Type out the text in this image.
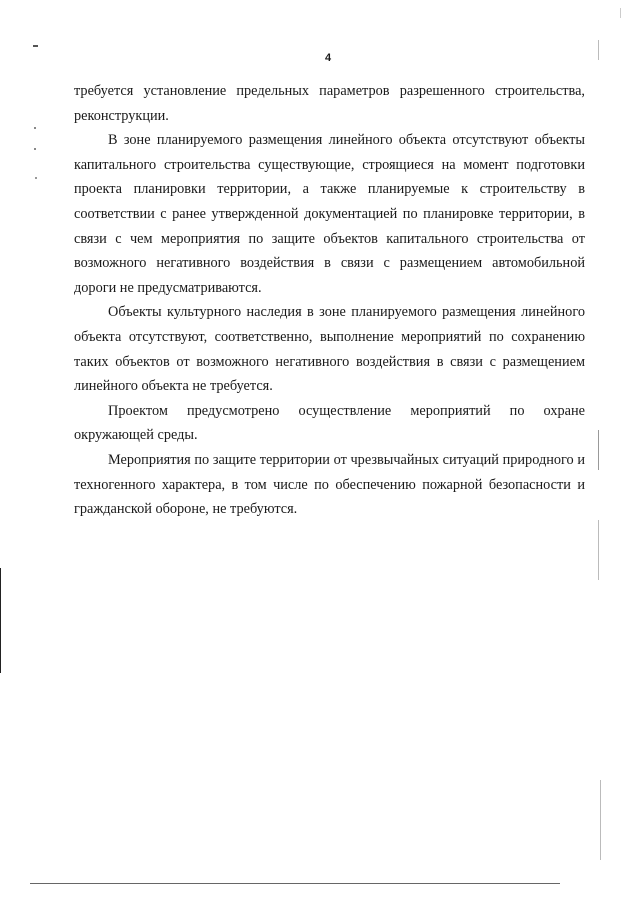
4

требуется установление предельных параметров разрешенного строительства, реконструкции.

В зоне планируемого размещения линейного объекта отсутствуют объекты капитального строительства существующие, строящиеся на момент подготовки проекта планировки территории, а также планируемые к строительству в соответствии с ранее утвержденной документацией по планировке территории, в связи с чем мероприятия по защите объектов капитального строительства от возможного негативного воздействия в связи с размещением автомобильной дороги не предусматриваются.

Объекты культурного наследия в зоне планируемого размещения линейного объекта отсутствуют, соответственно, выполнение мероприятий по сохранению таких объектов от возможного негативного воздействия в связи с размещением линейного объекта не требуется.

Проектом предусмотрено осуществление мероприятий по охране окружающей среды.

Мероприятия по защите территории от чрезвычайных ситуаций природного и техногенного характера, в том числе по обеспечению пожарной безопасности и гражданской обороне, не требуются.
